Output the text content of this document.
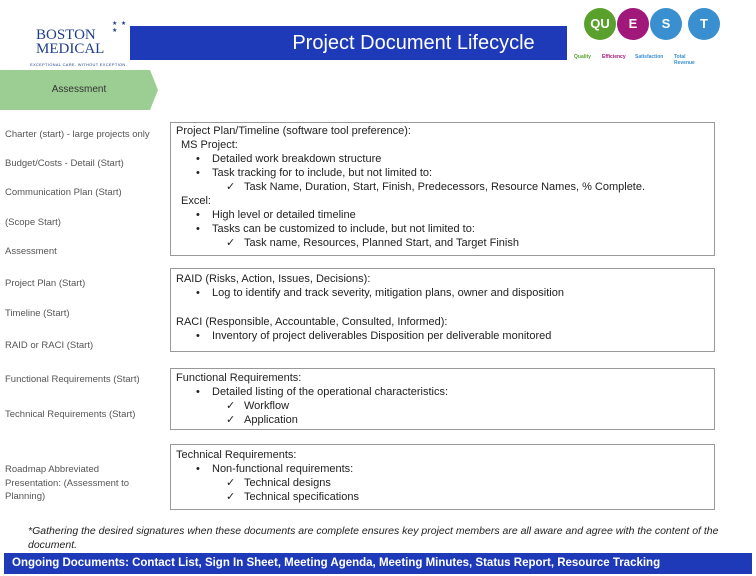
★ ★ ★
BOSTON
MEDICAL
EXCEPTIONAL CARE. WITHOUT EXCEPTION.
Project Document Lifecycle
QU	E	S	T
Quality Efficiency Satisfaction Total Revenue
Assessment
Charter (start) - large projects only
Budget/Costs - Detail (Start)
Communication Plan (Start)
(Scope Start)
Assessment
Project Plan (Start)
Timeline (Start)
RAID or RACI (Start)
Functional Requirements (Start)
Technical Requirements (Start)
Roadmap Abbreviated Presentation: (Assessment to Planning)
Project Plan/Timeline (software tool preference):
MS Project:
• Detailed work breakdown structure
• Task tracking for to include, but not limited to:
✓ Task Name, Duration, Start, Finish, Predecessors, Resource Names, % Complete.
Excel:
• High level or detailed timeline
• Tasks can be customized to include, but not limited to:
✓ Task name, Resources, Planned Start, and Target Finish
RAID (Risks, Action, Issues, Decisions):
• Log to identify and track severity, mitigation plans, owner and disposition
RACI (Responsible, Accountable, Consulted, Informed):
• Inventory of project deliverables Disposition per deliverable monitored
Functional Requirements:
• Detailed listing of the operational characteristics:
✓ Workflow
✓ Application
Technical Requirements:
• Non-functional requirements:
✓ Technical designs
✓ Technical specifications
*Gathering the desired signatures when these documents are complete ensures key project members are all aware and agree with the content of the document.
Ongoing Documents: Contact List, Sign In Sheet, Meeting Agenda, Meeting Minutes, Status Report, Resource Tracking
